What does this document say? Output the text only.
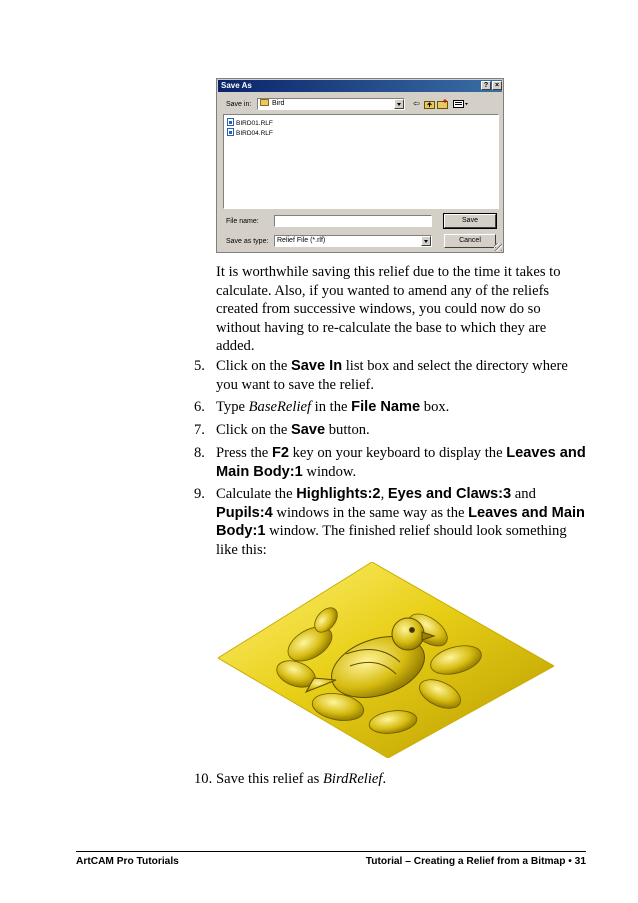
Save As	? ×
Save in:	Bird	⇦
BIRD01.RLF
BIRD04.RLF
File name:	Save
Save as type:	Relief File (*.rlf)	Cancel
It is worthwhile saving this relief due to the time it takes to calculate. Also, if you wanted to amend any of the reliefs created from successive windows, you could now do so without having to re-calculate the base to which they are added.
5. Click on the Save In list box and select the directory where you want to save the relief.
6. Type BaseRelief in the File Name box.
7. Click on the Save button.
8. Press the F2 key on your keyboard to display the Leaves and Main Body:1 window.
9. Calculate the Highlights:2, Eyes and Claws:3 and Pupils:4 windows in the same way as the Leaves and Main Body:1 window. The finished relief should look something like this:
10. Save this relief as BirdRelief.
ArtCAM Pro Tutorials	Tutorial – Creating a Relief from a Bitmap • 31
